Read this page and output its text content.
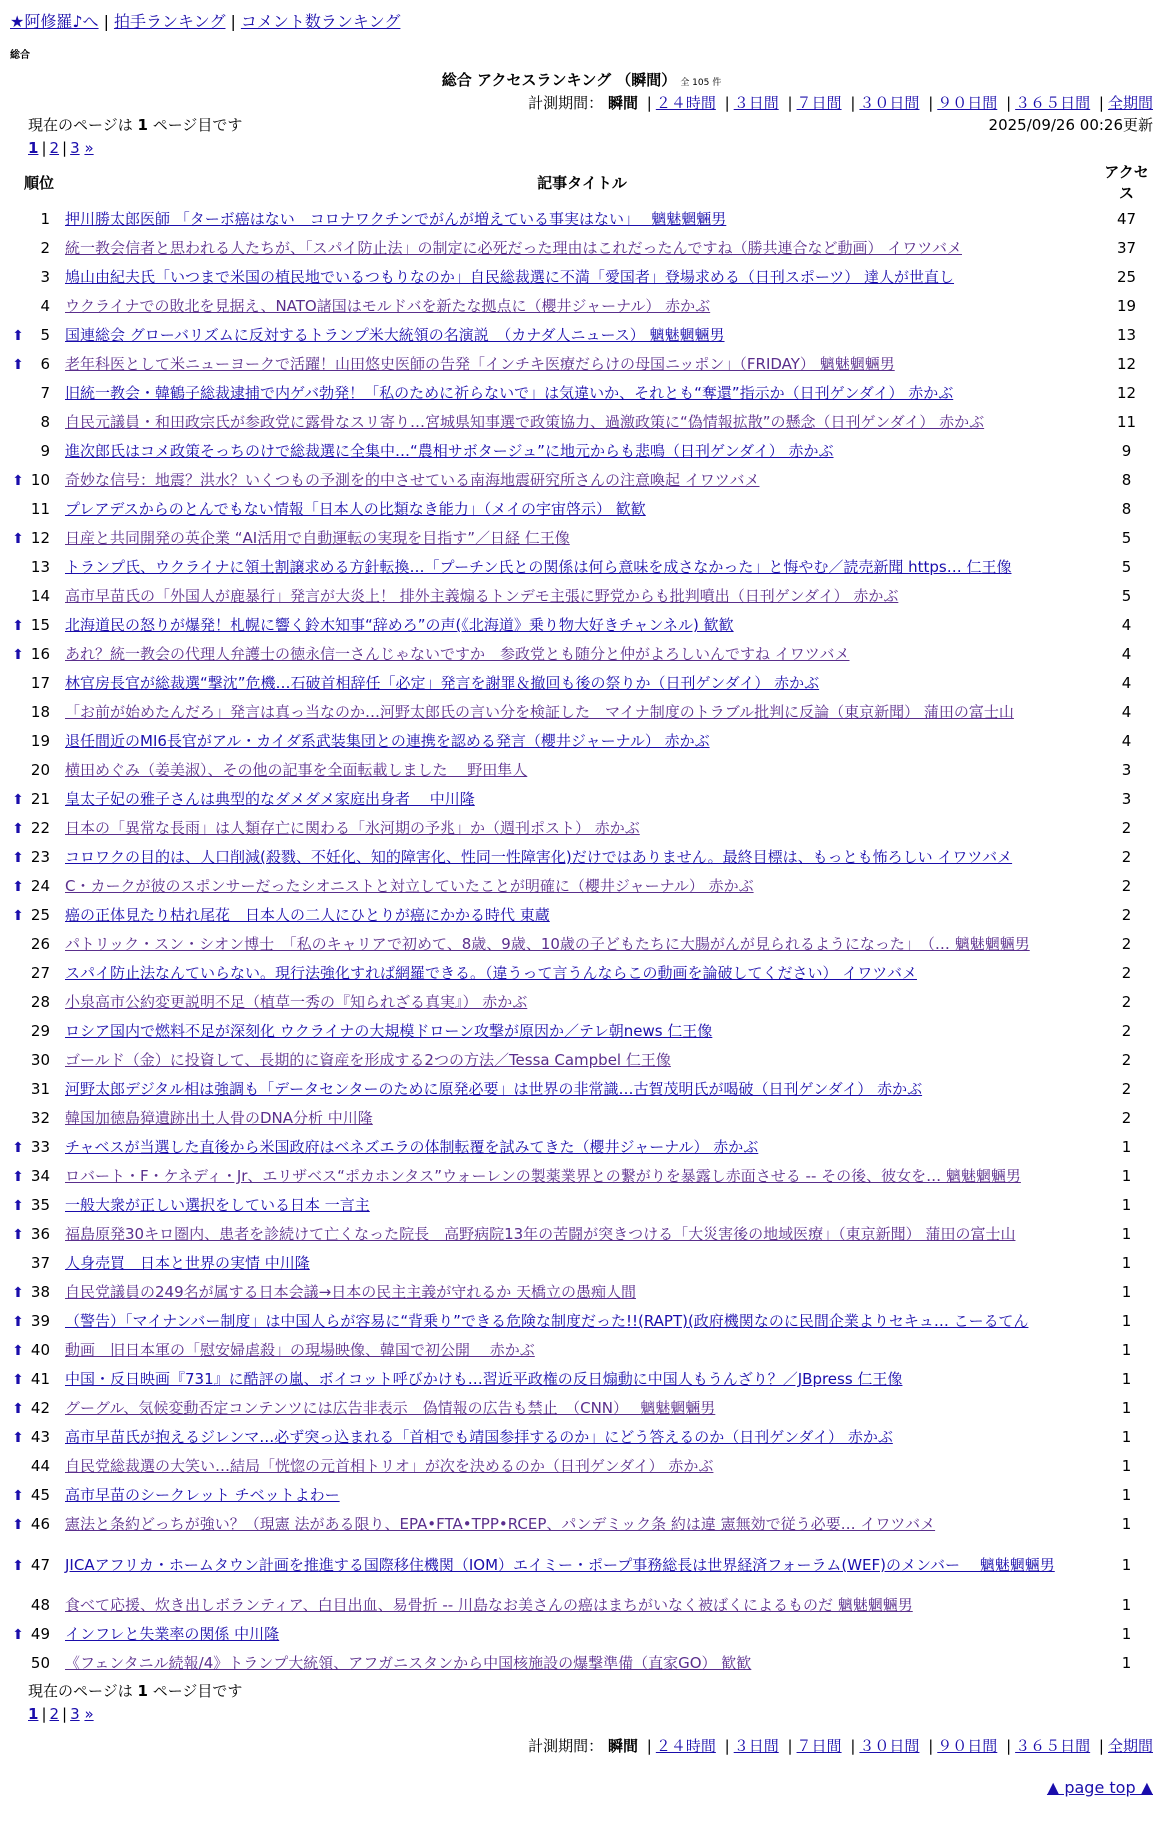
★阿修羅♪へ | 拍手ランキング | コメント数ランキング
総合
総合 アクセスランキング （瞬間） 全 105 件
計測期間： 瞬間 | ２４時間 | ３日間 | ７日間 | ３０日間 | ９０日間 | ３６５日間 | 全期間
現在のページは 1 ページ目です	2025/09/26 00:26更新
1 | 2 | 3 »
順位	記事タイトル	アクセス
1	押川勝太郎医師 「ターボ癌はない　コロナワクチンでがんが増えている事実はない」　 魑魅魍魎男	47
2	統一教会信者と思われる人たちが、「スパイ防止法」の制定に必死だった理由はこれだったんですね（勝共連合など動画） イワツバメ	37
3	鳩山由紀夫氏「いつまで米国の植民地でいるつもりなのか」自民総裁選に不満「愛国者」登場求める（日刊スポーツ） 達人が世直し	25
4	ウクライナでの敗北を見据え、NATO諸国はモルドバを新たな拠点に（櫻井ジャーナル） 赤かぶ	19
⬆ 5	国連総会 グローバリズムに反対するトランプ米大統領の名演説　（カナダ人ニュース） 魑魅魍魎男	13
⬆ 6	老年科医として米ニューヨークで活躍！山田悠史医師の告発「インチキ医療だらけの母国ニッポン」（FRIDAY） 魑魅魍魎男	12
7	旧統一教会・韓鶴子総裁逮捕で内ゲバ勃発！「私のために祈らないで」は気違いか、それとも“奪還”指示か（日刊ゲンダイ） 赤かぶ	12
8	自民元議員・和田政宗氏が参政党に露骨なスリ寄り…宮城県知事選で政策協力、過激政策に“偽情報拡散”の懸念（日刊ゲンダイ） 赤かぶ	11
9	進次郎氏はコメ政策そっちのけで総裁選に全集中…“農相サボタージュ”に地元からも悲鳴（日刊ゲンダイ） 赤かぶ	9
⬆ 10	奇妙な信号：地震？洪水？いくつもの予測を的中させている南海地震研究所さんの注意喚起 イワツバメ	8
11	プレアデスからのとんでもない情報「日本人の比類なき能力」（メイの宇宙啓示） 歓歓	8
⬆ 12	日産と共同開発の英企業 “AI活用で自動運転の実現を目指す”／日経 仁王像	5
13	トランプ氏、ウクライナに領土割譲求める方針転換…「プーチン氏との関係は何ら意味を成さなかった」と悔やむ／読売新聞 https… 仁王像	5
14	高市早苗氏の「外国人が鹿暴行」発言が大炎上！ 排外主義煽るトンデモ主張に野党からも批判噴出（日刊ゲンダイ） 赤かぶ	5
⬆ 15	北海道民の怒りが爆発！札幌に響く鈴木知事“辞めろ”の声(《北海道》乗り物大好きチャンネル) 歓歓	4
⬆ 16	あれ？統一教会の代理人弁護士の徳永信一さんじゃないですか　参政党とも随分と仲がよろしいんですね イワツバメ	4
17	林官房長官が総裁選“撃沈”危機…石破首相辞任「必定」発言を謝罪＆撤回も後の祭りか（日刊ゲンダイ） 赤かぶ	4
18	「お前が始めたんだろ」発言は真っ当なのか…河野太郎氏の言い分を検証した　マイナ制度のトラブル批判に反論（東京新聞） 蒲田の富士山	4
19	退任間近のMI6長官がアル・カイダ系武装集団との連携を認める発言（櫻井ジャーナル） 赤かぶ	4
20	横田めぐみ（姜美淑）、その他の記事を全面転載しました　 野田隼人	3
⬆ 21	皇太子妃の雅子さんは典型的なダメダメ家庭出身者　 中川隆	3
⬆ 22	日本の「異常な長雨」は人類存亡に関わる「氷河期の予兆」か（週刊ポスト） 赤かぶ	2
⬆ 23	コロワクの目的は、人口削減(殺戮、不妊化、知的障害化、性同一性障害化)だけではありません。最終目標は、もっとも怖ろしい イワツバメ	2
⬆ 24	C・カークが彼のスポンサーだったシオニストと対立していたことが明確に（櫻井ジャーナル） 赤かぶ	2
⬆ 25	癌の正体見たり枯れ尾花　日本人の二人にひとりが癌にかかる時代 東蔵	2
26	パトリック・スン・シオン博士　「私のキャリアで初めて、8歳、9歳、10歳の子どもたちに大腸がんが見られるようになった」　（… 魑魅魍魎男	2
27	スパイ防止法なんていらない。現行法強化すれば網羅できる。（違うって言うんならこの動画を論破してください） イワツバメ	2
28	小泉高市公約変更説明不足（植草一秀の『知られざる真実』） 赤かぶ	2
29	ロシア国内で燃料不足が深刻化 ウクライナの大規模ドローン攻撃が原因か／テレ朝news 仁王像	2
30	ゴールド（金）に投資して、長期的に資産を形成する2つの方法／Tessa Campbel 仁王像	2
31	河野太郎デジタル相は強調も「データセンターのために原発必要」は世界の非常識…古賀茂明氏が喝破（日刊ゲンダイ） 赤かぶ	2
32	韓国加徳島獐遺跡出土人骨のDNA分析 中川隆	2
⬆ 33	チャベスが当選した直後から米国政府はベネズエラの体制転覆を試みてきた（櫻井ジャーナル） 赤かぶ	1
⬆ 34	ロバート・F・ケネディ・Jr、エリザベス“ポカホンタス”ウォーレンの製薬業界との繋がりを暴露し赤面させる -- その後、彼女を… 魑魅魍魎男	1
⬆ 35	一般大衆が正しい選択をしている日本 一言主	1
⬆ 36	福島原発30キロ圏内、患者を診続けて亡くなった院長　高野病院13年の苦闘が突きつける「大災害後の地域医療」（東京新聞） 蒲田の富士山	1
37	人身売買　日本と世界の実情 中川隆	1
⬆ 38	自民党議員の249名が属する日本会議→日本の民主主義が守れるか 天橋立の愚痴人間	1
⬆ 39	（警告）「マイナンバー制度」は中国人らが容易に“背乗り”できる危険な制度だった!!(RAPT)(政府機関なのに民間企業よりセキュ… こーるてん	1
⬆ 40	動画　旧日本軍の「慰安婦虐殺」の現場映像、韓国で初公開　 赤かぶ	1
⬆ 41	中国・反日映画『731』に酷評の嵐、ボイコット呼びかけも…習近平政権の反日煽動に中国人もうんざり？／JBpress 仁王像	1
⬆ 42	グーグル、気候変動否定コンテンツには広告非表示　偽情報の広告も禁止　（CNN）　 魑魅魍魎男	1
⬆ 43	高市早苗氏が抱えるジレンマ…必ず突っ込まれる「首相でも靖国参拝するのか」にどう答えるのか（日刊ゲンダイ） 赤かぶ	1
44	自民党総裁選の大笑い…結局「恍惚の元首相トリオ」が次を決めるのか（日刊ゲンダイ） 赤かぶ	1
⬆ 45	高市早苗のシークレット チベットよわー	1
⬆ 46	憲法と条約どっちが強い？（現憲 法がある限り、EPA•FTA•TPP•RCEP、パンデミック条 約は違 憲無効で従う必要… イワツバメ	1
⬆ 47	JICAアフリカ・ホームタウン計画を推進する国際移住機関（IOM）エイミー・ポープ事務総長は世界経済フォーラム(WEF)のメンバー　 魑魅魍魎男	1
48	食べて応援、炊き出しボランティア、白目出血、易骨折 -- 川島なお美さんの癌はまちがいなく被ばくによるものだ 魑魅魍魎男	1
⬆ 49	インフレと失業率の関係 中川隆	1
50	《フェンタニル続報/4》トランプ大統領、アフガニスタンから中国核施設の爆撃準備（直家GO） 歓歓	1
現在のページは 1 ページ目です
1 | 2 | 3 »
計測期間： 瞬間 | ２４時間 | ３日間 | ７日間 | ３０日間 | ９０日間 | ３６５日間 | 全期間
▲ page top ▲
